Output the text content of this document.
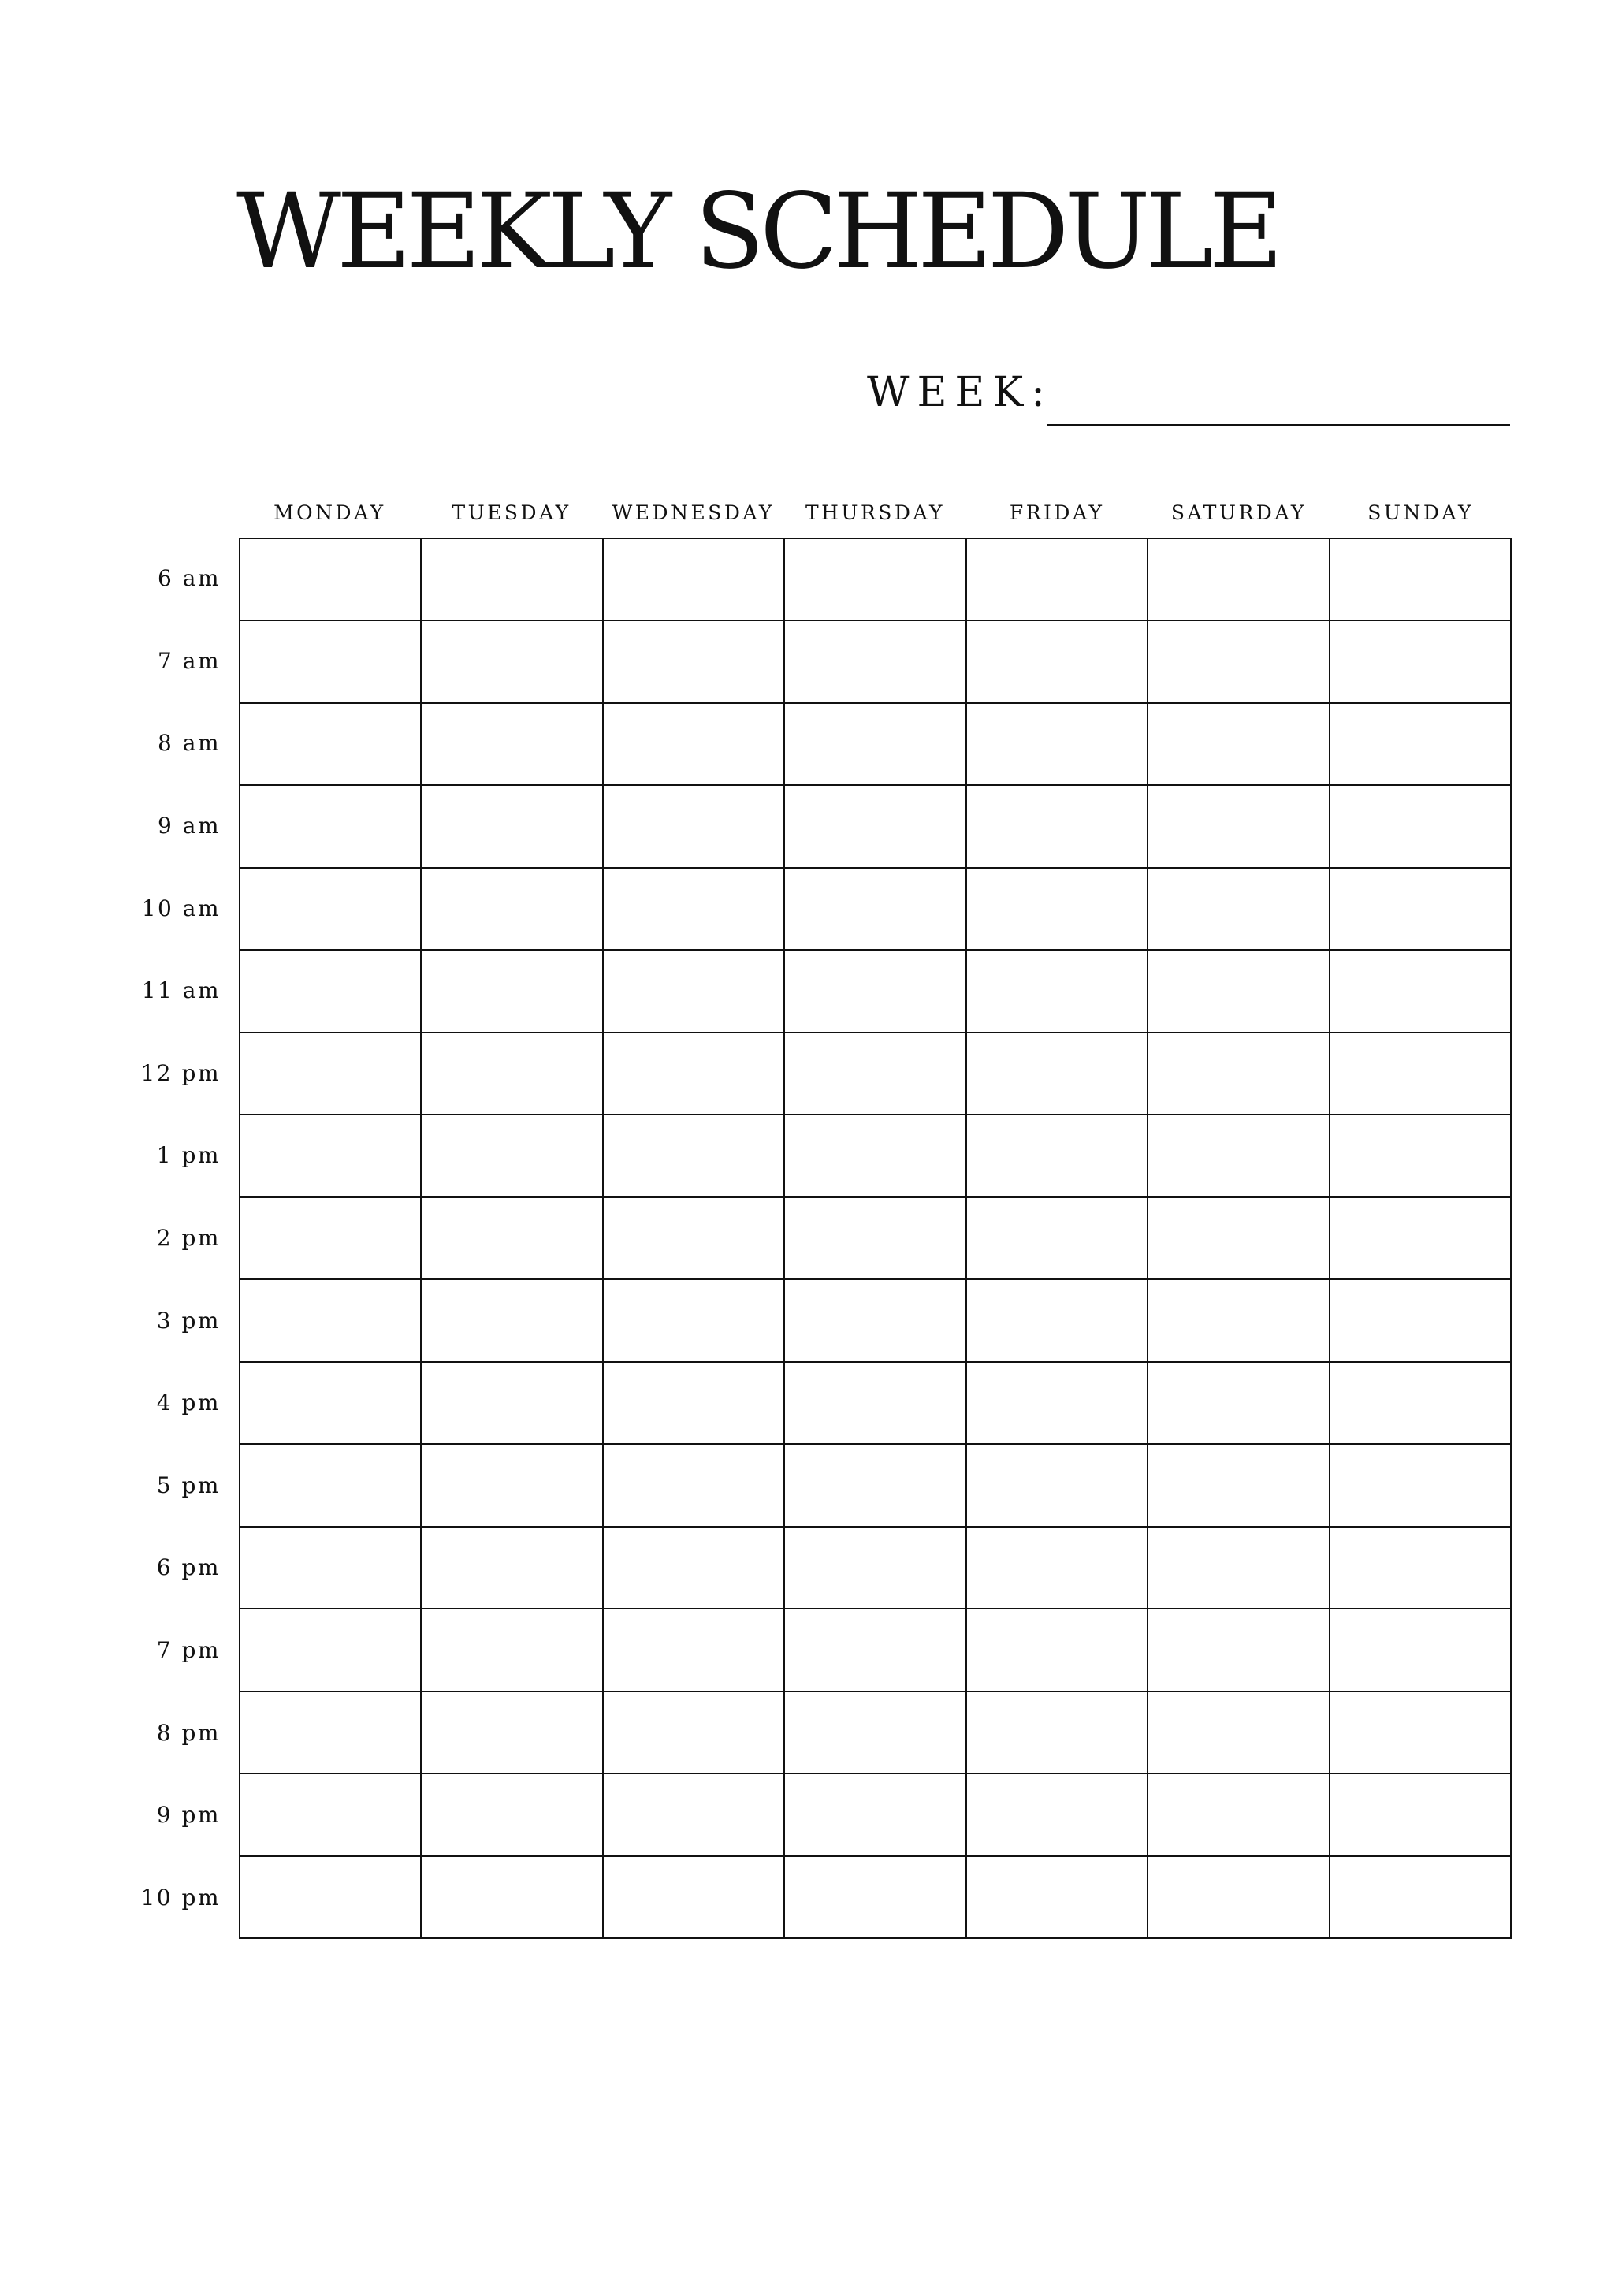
WEEKLY SCHEDULE
WEEK:
MONDAY	TUESDAY	WEDNESDAY	THURSDAY	FRIDAY	SATURDAY	SUNDAY
6 am
7 am
8 am
9 am
10 am
11 am
12 pm
1 pm
2 pm
3 pm
4 pm
5 pm
6 pm
7 pm
8 pm
9 pm
10 pm
